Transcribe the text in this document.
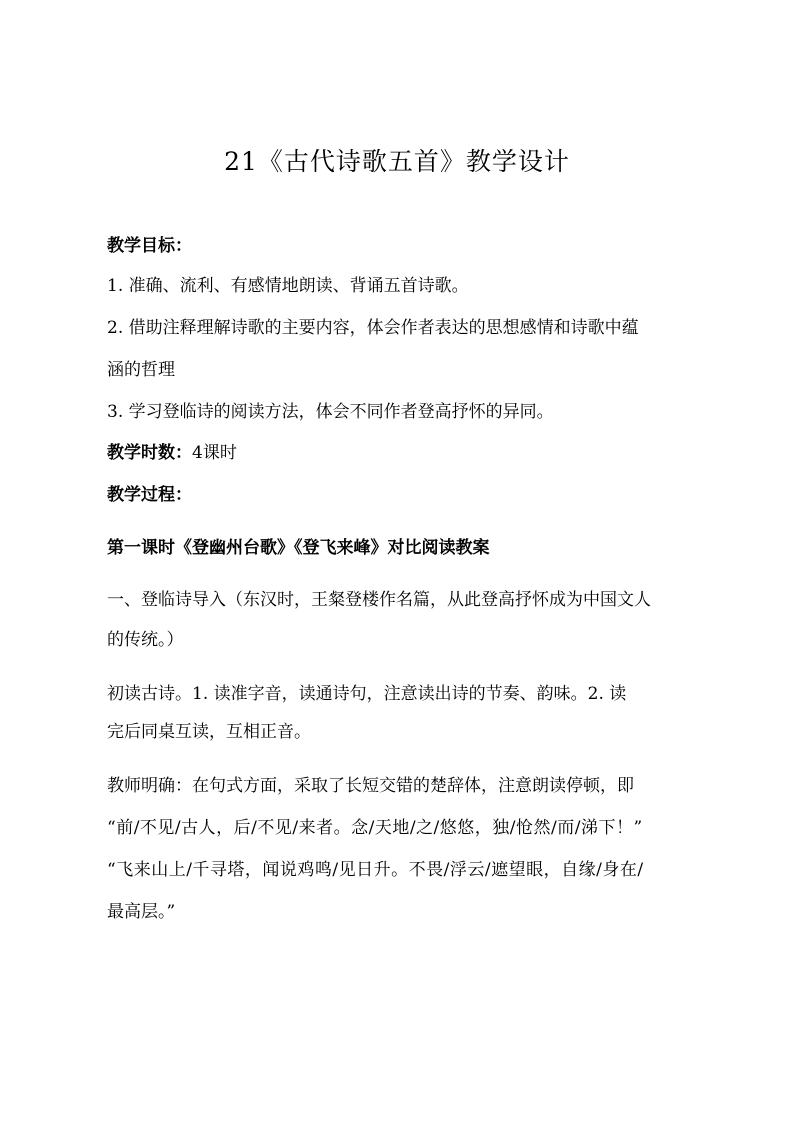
21《古代诗歌五首》教学设计
教学目标：
1. 准确、流利、有感情地朗读、背诵五首诗歌。
2. 借助注释理解诗歌的主要内容，体会作者表达的思想感情和诗歌中蕴
涵的哲理
3. 学习登临诗的阅读方法，体会不同作者登高抒怀的异同。
教学时数：4课时
教学过程：
第一课时《登幽州台歌》《登飞来峰》对比阅读教案
一、登临诗导入（东汉时，王粲登楼作名篇，从此登高抒怀成为中国文人
的传统。）
初读古诗。1. 读准字音，读通诗句，注意读出诗的节奏、韵味。2. 读
完后同桌互读，互相正音。
教师明确：在句式方面，采取了长短交错的楚辞体，注意朗读停顿，即
“前/不见/古人，后/不见/来者。念/天地/之/悠悠，独/怆然/而/涕下！”
“飞来山上/千寻塔，闻说鸡鸣/见日升。不畏/浮云/遮望眼，自缘/身在/
最高层。”
